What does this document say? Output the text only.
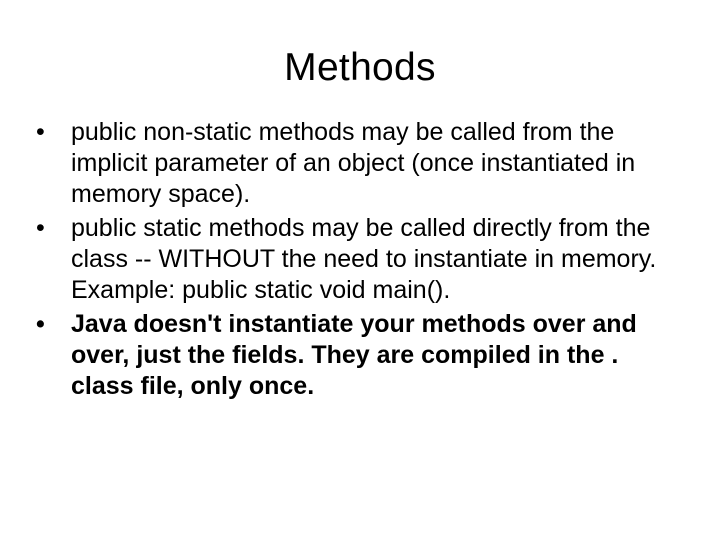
Methods
•	public non-static methods may be called from the implicit parameter of an object (once instantiated in memory space).
•	public static methods may be called directly from the class -- WITHOUT the need to instantiate in memory. Example: public static void main().
•	Java doesn't instantiate your methods over and over, just the fields. They are compiled in the . class file, only once.
